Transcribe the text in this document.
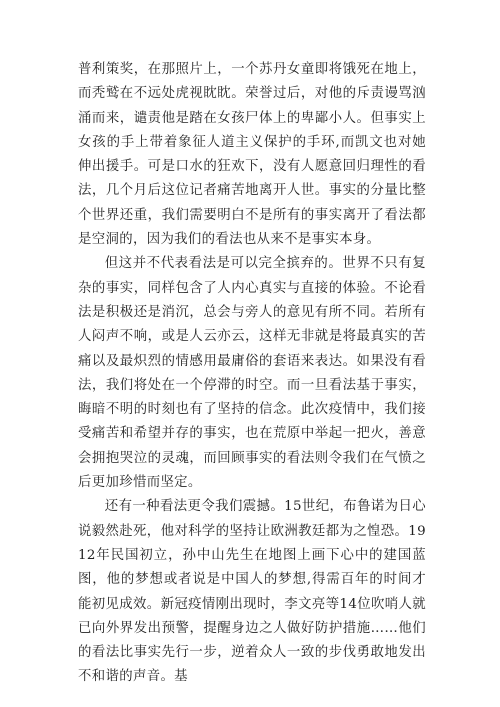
普利策奖，在那照片上，一个苏丹女童即将饿死在地上，而秃鹫在不远处虎视眈眈。荣誉过后，对他的斥责谩骂汹涌而来，谴责他是踏在女孩尸体上的卑鄙小人。但事实上女孩的手上带着象征人道主义保护的手环,而凯文也对她伸出援手。可是口水的狂欢下，没有人愿意回归理性的看法，几个月后这位记者痛苦地离开人世。事实的分量比整个世界还重，我们需要明白不是所有的事实离开了看法都是空洞的，因为我们的看法也从来不是事实本身。

但这并不代表看法是可以完全摈弃的。世界不只有复杂的事实，同样包含了人内心真实与直接的体验。不论看法是积极还是消沉，总会与旁人的意见有所不同。若所有人闷声不响，或是人云亦云，这样无非就是将最真实的苦痛以及最炽烈的情感用最庸俗的套语来表达。如果没有看法，我们将处在一个停滞的时空。而一旦看法基于事实，晦暗不明的时刻也有了坚持的信念。此次疫情中，我们接受痛苦和希望并存的事实，也在荒原中举起一把火，善意会拥抱哭泣的灵魂，而回顾事实的看法则令我们在气愤之后更加珍惜而坚定。

还有一种看法更令我们震撼。15世纪，布鲁诺为日心说毅然赴死，他对科学的坚持让欧洲教廷都为之惶恐。1912年民国初立，孙中山先生在地图上画下心中的建国蓝图，他的梦想或者说是中国人的梦想,得需百年的时间才能初见成效。新冠疫情刚出现时，李文亮等14位吹哨人就已向外界发出预警，提醒身边之人做好防护措施……他们的看法比事实先行一步，逆着众人一致的步伐勇敢地发出不和谐的声音。基
